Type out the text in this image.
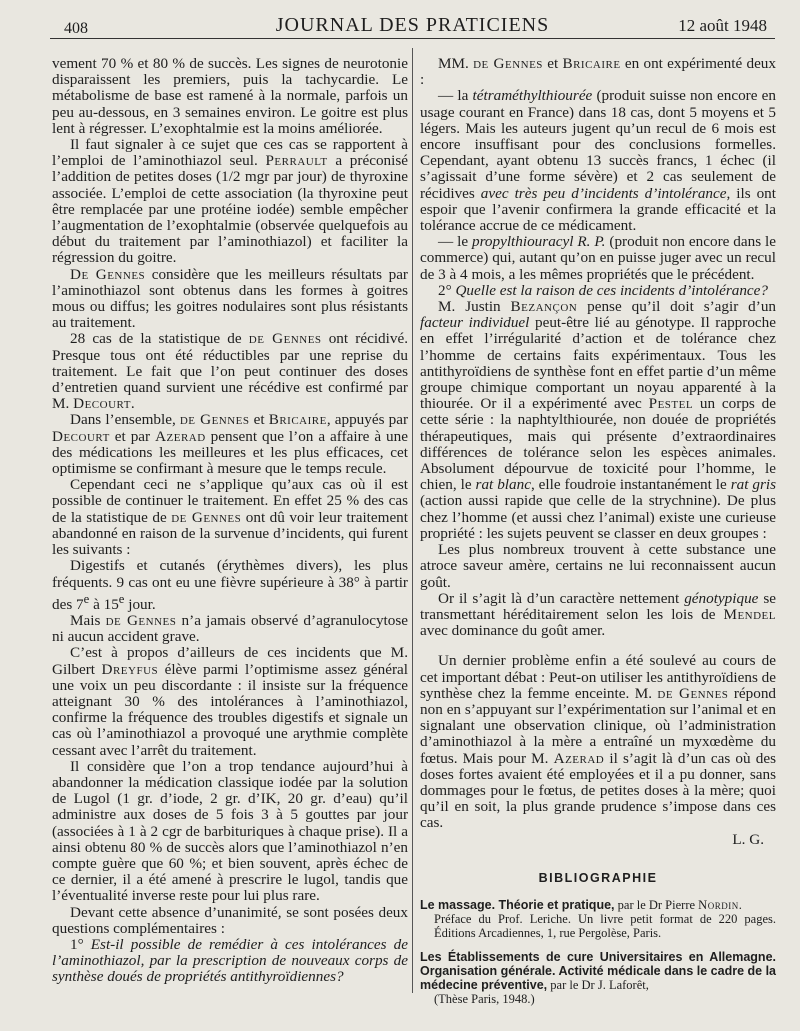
408	JOURNAL DES PRATICIENS	12 août 1948

vement 70 % et 80 % de succès. Les signes de neurotonie disparaissent les premiers, puis la tachycardie. Le métabolisme de base est ramené à la normale, parfois un peu au-dessous, en 3 semaines environ. Le goitre est plus lent à régresser. L’exophtalmie est la moins améliorée.

Il faut signaler à ce sujet que ces cas se rapportent à l’emploi de l’aminothiazol seul. Perrault a préconisé l’addition de petites doses (1/2 mgr par jour) de thyroxine associée. L’emploi de cette association (la thyroxine peut être remplacée par une protéine iodée) semble empêcher l’augmentation de l’exophtalmie (observée quelquefois au début du traitement par l’aminothiazol) et faciliter la régression du goitre.

De Gennes considère que les meilleurs résultats par l’aminothiazol sont obtenus dans les formes à goitres mous ou diffus; les goitres nodulaires sont plus résistants au traitement.

28 cas de la statistique de de Gennes ont récidivé. Presque tous ont été réductibles par une reprise du traitement. Le fait que l’on peut continuer des doses d’entretien quand survient une récédive est confirmé par M. Decourt.

Dans l’ensemble, de Gennes et Bricaire, appuyés par Decourt et par Azerad pensent que l’on a affaire à une des médications les meilleures et les plus efficaces, cet optimisme se confirmant à mesure que le temps recule.

Cependant ceci ne s’applique qu’aux cas où il est possible de continuer le traitement. En effet 25 % des cas de la statistique de de Gennes ont dû voir leur traitement abandonné en raison de la survenue d’incidents, qui furent les suivants :

Digestifs et cutanés (érythèmes divers), les plus fréquents. 9 cas ont eu une fièvre supérieure à 38° à partir des 7e à 15e jour.

Mais de Gennes n’a jamais observé d’agranulocytose ni aucun accident grave.

C’est à propos d’ailleurs de ces incidents que M. Gilbert Dreyfus élève parmi l’optimisme assez général une voix un peu discordante : il insiste sur la fréquence atteignant 30 % des intolérances à l’aminothiazol, confirme la fréquence des troubles digestifs et signale un cas où l’aminothiazol a provoqué une arythmie complète cessant avec l’arrêt du traitement.

Il considère que l’on a trop tendance aujourd’hui à abandonner la médication classique iodée par la solution de Lugol (1 gr. d’iode, 2 gr. d’IK, 20 gr. d’eau) qu’il administre aux doses de 5 fois 3 à 5 gouttes par jour (associées à 1 à 2 cgr de barbituriques à chaque prise). Il a ainsi obtenu 80 % de succès alors que l’aminothiazol n’en compte guère que 60 %; et bien souvent, après échec de ce dernier, il a été amené à prescrire le lugol, tandis que l’éventualité inverse reste pour lui plus rare.

Devant cette absence d’unanimité, se sont posées deux questions complémentaires :

1° Est-il possible de remédier à ces intolérances de l’aminothiazol, par la prescription de nouveaux corps de synthèse doués de propriétés antithyroïdiennes?

MM. de Gennes et Bricaire en ont expérimenté deux :

— la tétraméthylthiourée (produit suisse non encore en usage courant en France) dans 18 cas, dont 5 moyens et 5 légers. Mais les auteurs jugent qu’un recul de 6 mois est encore insuffisant pour des conclusions formelles. Cependant, ayant obtenu 13 succès francs, 1 échec (il s’agissait d’une forme sévère) et 2 cas seulement de récidives avec très peu d’incidents d’intolérance, ils ont espoir que l’avenir confirmera la grande efficacité et la tolérance accrue de ce médicament.

— le propylthiouracyl R. P. (produit non encore dans le commerce) qui, autant qu’on en puisse juger avec un recul de 3 à 4 mois, a les mêmes propriétés que le précédent.

2° Quelle est la raison de ces incidents d’intolérance?

M. Justin Bezançon pense qu’il doit s’agir d’un facteur individuel peut-être lié au génotype. Il rapproche en effet l’irrégularité d’action et de tolérance chez l’homme de certains faits expérimentaux. Tous les antithyroïdiens de synthèse font en effet partie d’un même groupe chimique comportant un noyau apparenté à la thiourée. Or il a expérimenté avec Pestel un corps de cette série : la naphtylthiourée, non douée de propriétés thérapeutiques, mais qui présente d’extraordinaires différences de tolérance selon les espèces animales. Absolument dépourvue de toxicité pour l’homme, le chien, le rat blanc, elle foudroie instantanément le rat gris (action aussi rapide que celle de la strychnine). De plus chez l’homme (et aussi chez l’animal) existe une curieuse propriété : les sujets peuvent se classer en deux groupes :

Les plus nombreux trouvent à cette substance une atroce saveur amère, certains ne lui reconnaissent aucun goût.

Or il s’agit là d’un caractère nettement génotypique se transmettant héréditairement selon les lois de Mendel avec dominance du goût amer.

Un dernier problème enfin a été soulevé au cours de cet important débat : Peut-on utiliser les antithyroïdiens de synthèse chez la femme enceinte. M. de Gennes répond non en s’appuyant sur l’expérimentation sur l’animal et en signalant une observation clinique, où l’administration d’aminothiazol à la mère a entraîné un myxœdème du fœtus. Mais pour M. Azerad il s’agit là d’un cas où des doses fortes avaient été employées et il a pu donner, sans dommages pour le fœtus, de petites doses à la mère; quoi qu’il en soit, la plus grande prudence s’impose dans ces cas.

L. G.
BIBLIOGRAPHIE
Le massage. Théorie et pratique, par le Dr Pierre Nordin.
Préface du Prof. Leriche. Un livre petit format de 220 pages. Éditions Arcadiennes, 1, rue Pergolèse, Paris.
Les Établissements de cure Universitaires en Allemagne. Organisation générale. Activité médicale dans le cadre de la médecine préventive, par le Dr J. Laforêt,
(Thèse Paris, 1948.)
